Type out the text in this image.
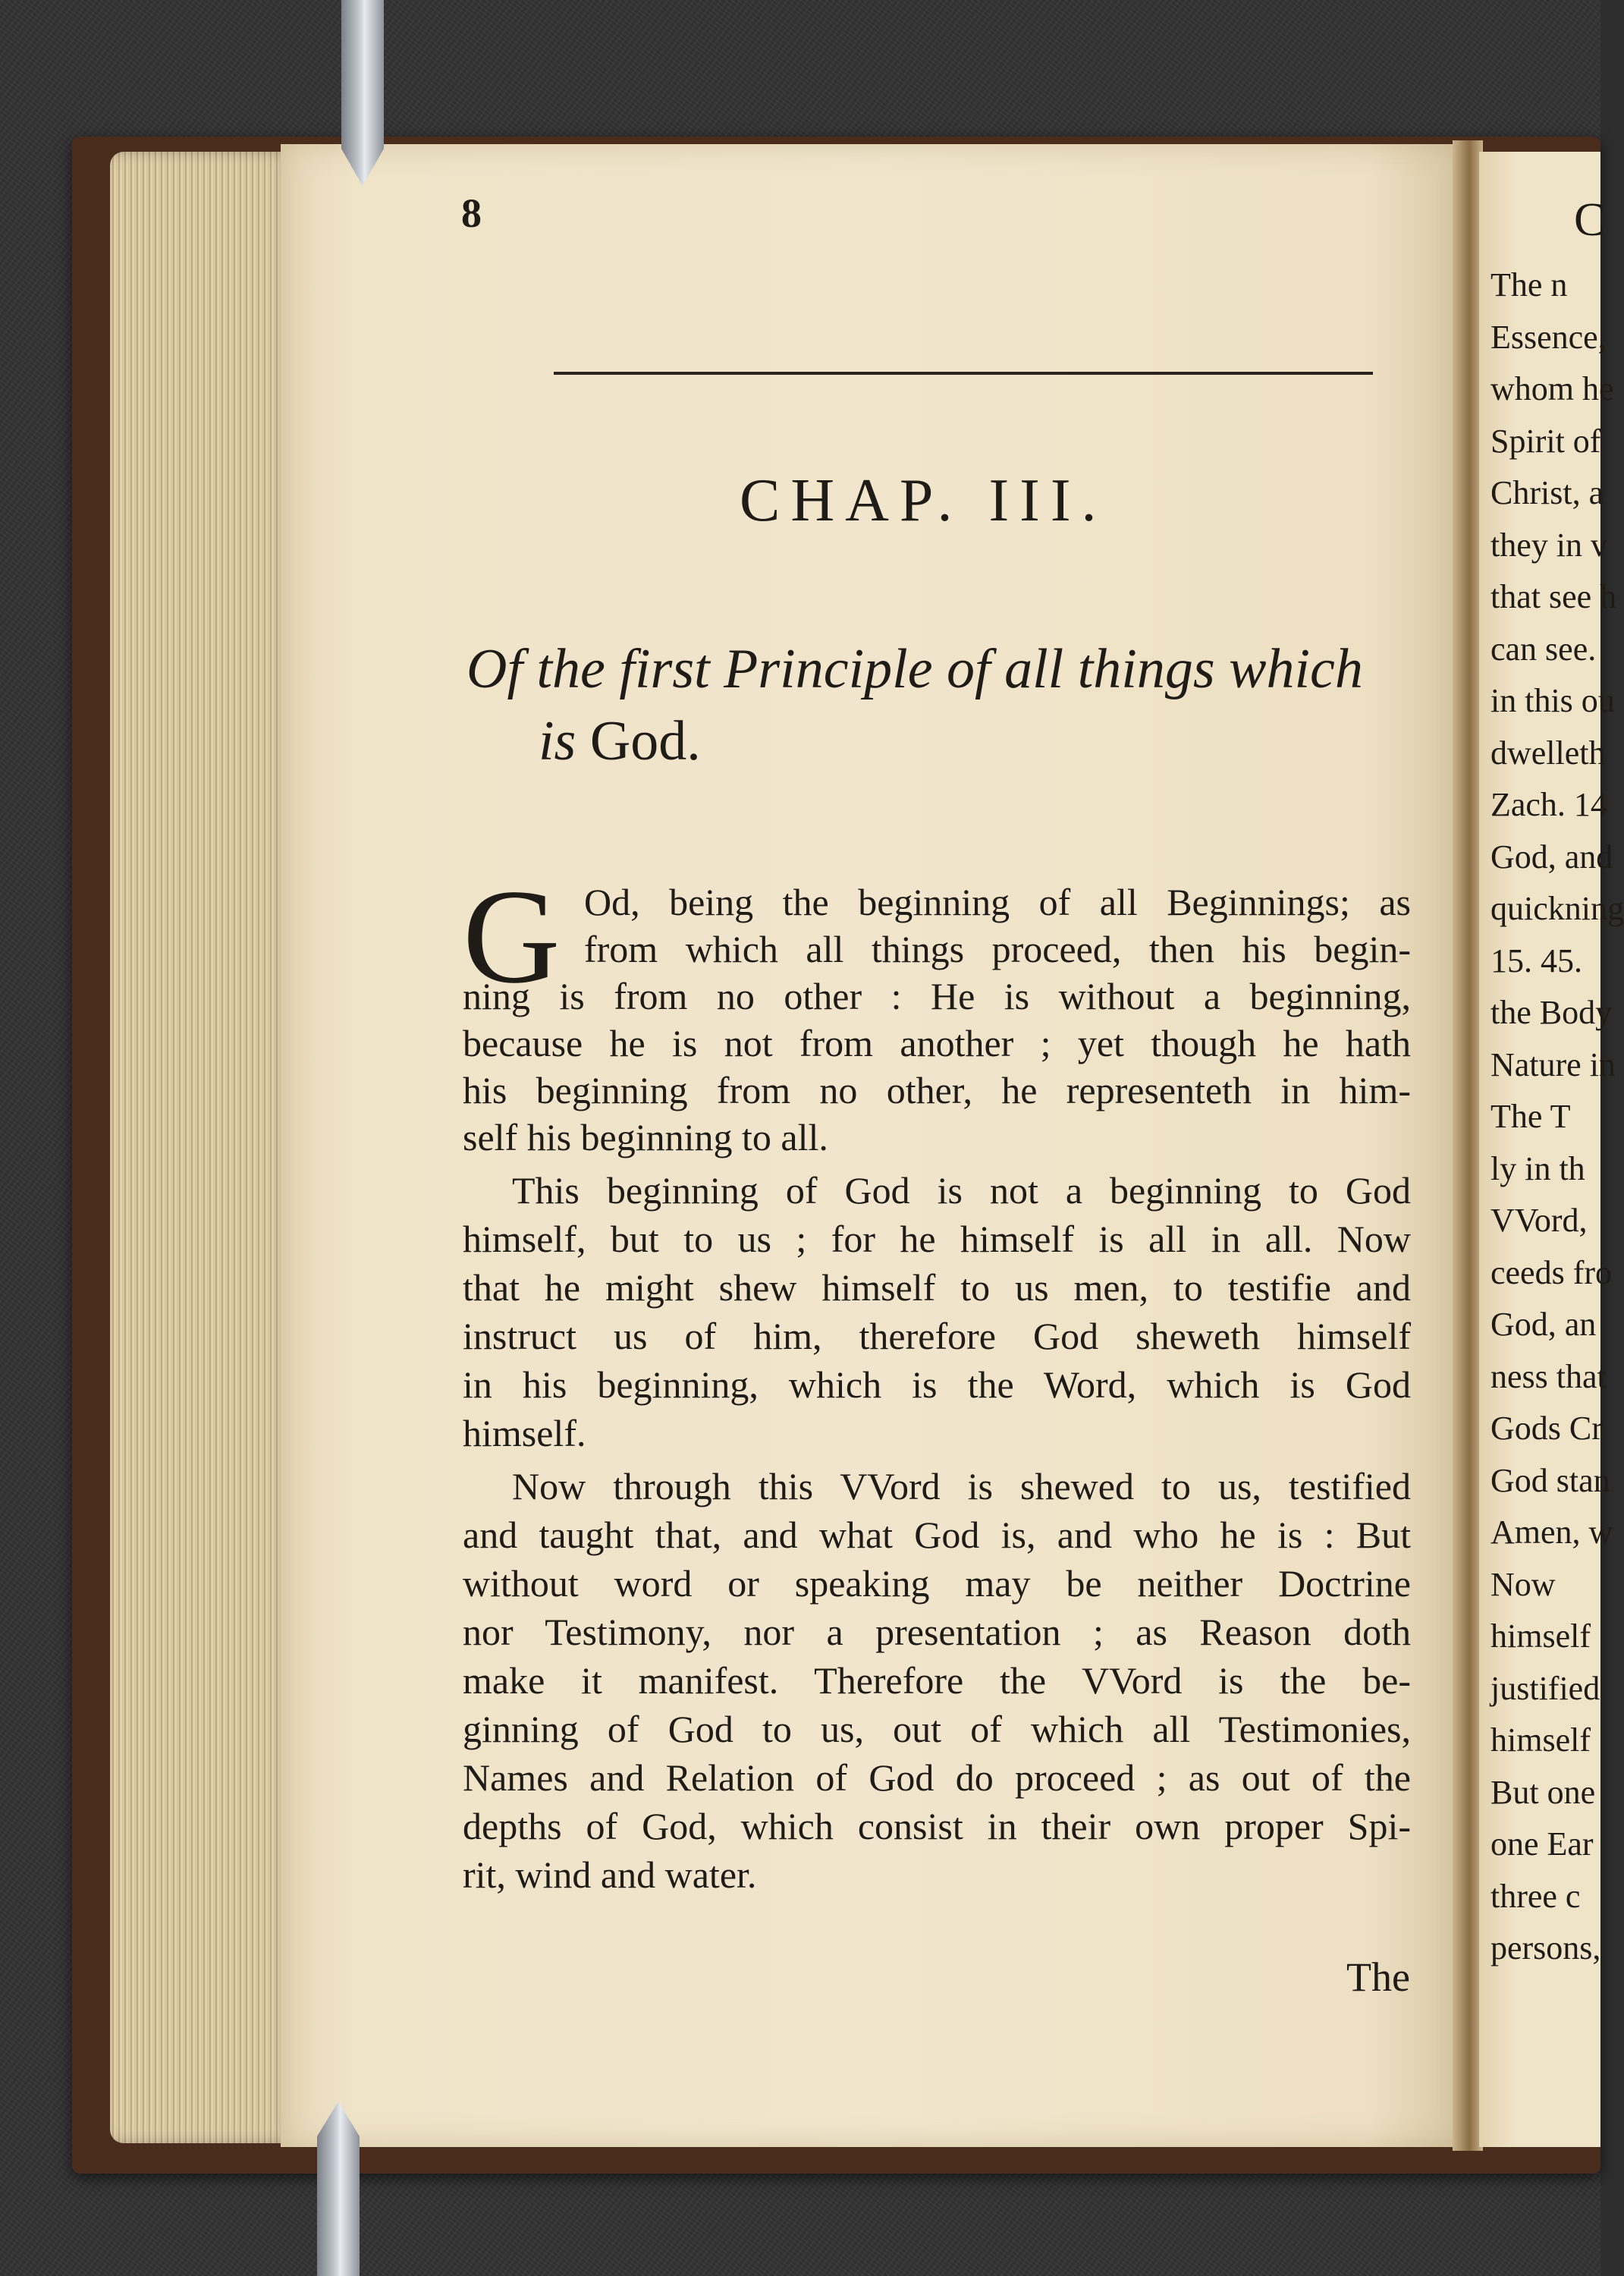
8
CHAP. III.
Of the first Principle of all things which
is God.
G Od, being the beginning of all Beginnings; as
from which all things proceed, then his begin-
ning is from no other : He is without a beginning,
because he is not from another ; yet though he hath
his beginning from no other, he representeth in him-
self his beginning to all.
This beginning of God is not a beginning to God
himself, but to us ; for he himself is all in all. Now
that he might shew himself to us men, to testifie and
instruct us of him, therefore God sheweth himself
in his beginning, which is the Word, which is God
himself.
Now through this VVord is shewed to us, testified
and taught that, and what God is, and who he is : But
without word or speaking may be neither Doctrine
nor Testimony, nor a presentation ; as Reason doth
make it manifest. Therefore the VVord is the be-
ginning of God to us, out of which all Testimonies,
Names and Relation of God do proceed ; as out of the
depths of God, which consist in their own proper Spi-
rit, wind and water.
The
C
The n
Essence,
whom he
Spirit of
Christ, a
they in v
that see h
can see.
in this ou
dwelleth
Zach. 14
God, and
quickning
15. 45.
the Body
Nature in
The T
ly in th
VVord,
ceeds fro
God, an
ness that
Gods Cr
God stan
Amen, w
Now
himself
justified
himself
But one
one Ear
three c
persons,
